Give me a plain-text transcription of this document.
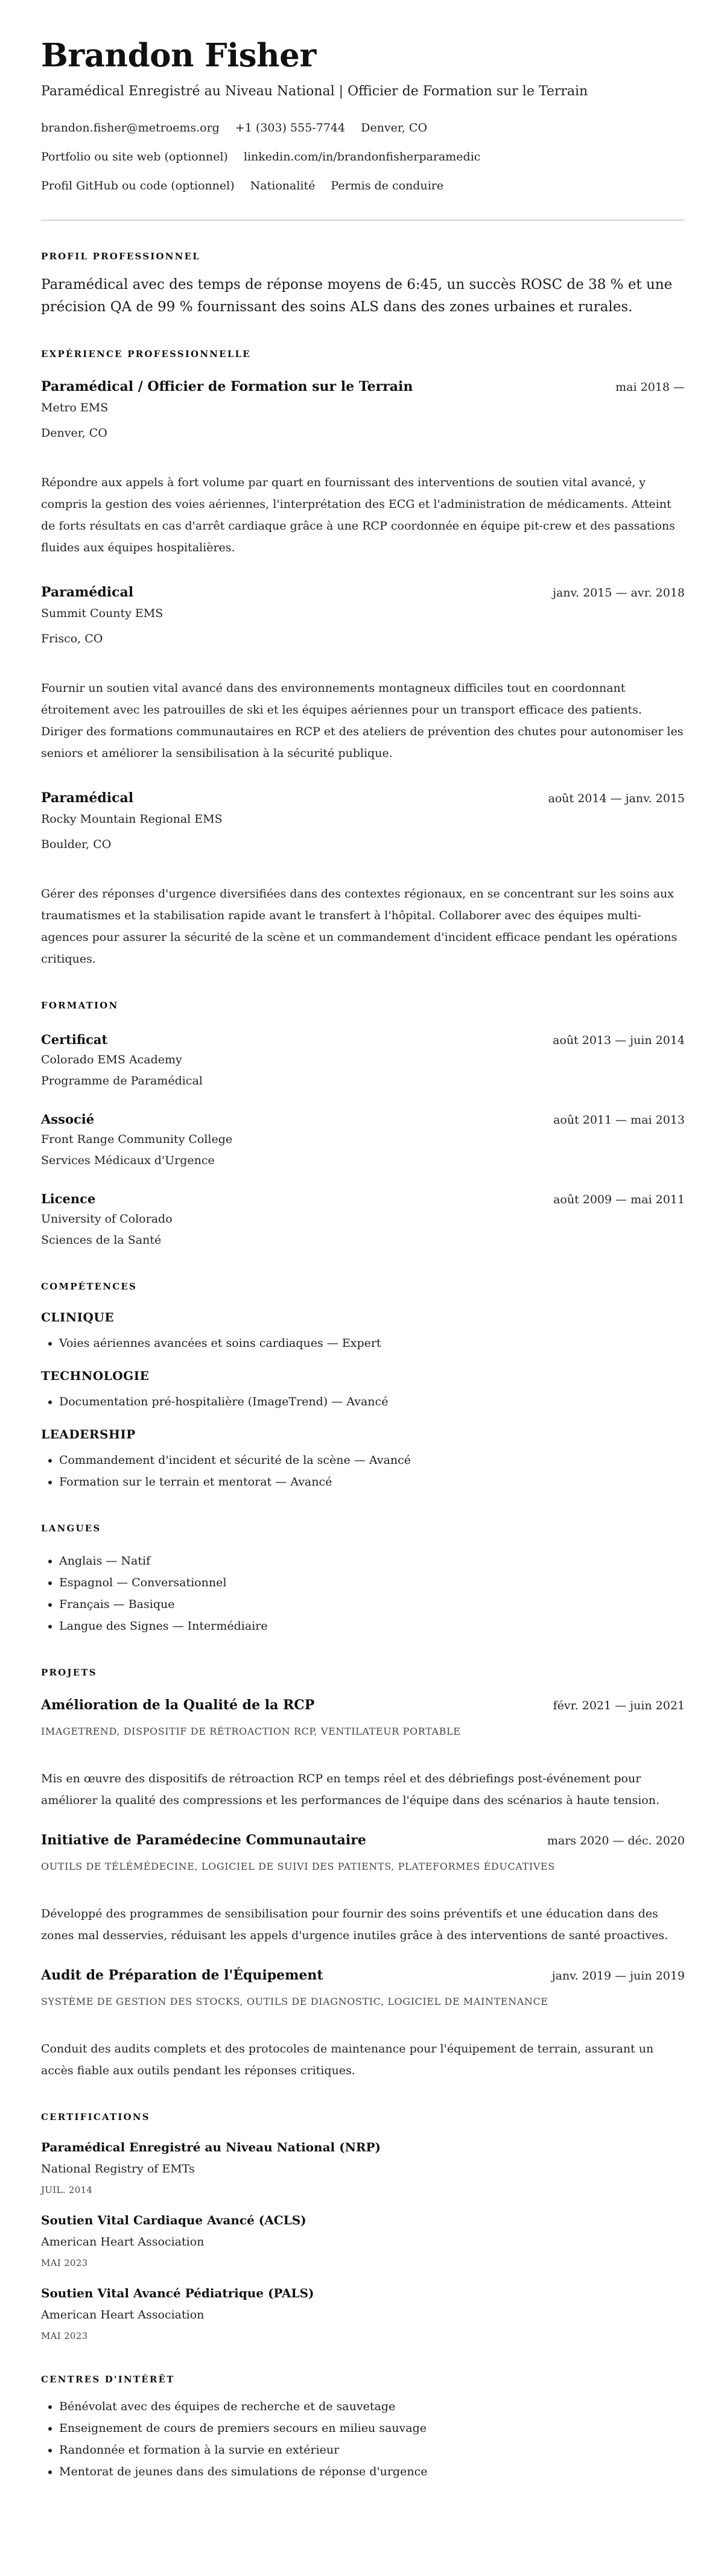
Brandon Fisher
Paramédical Enregistré au Niveau National | Officier de Formation sur le Terrain
brandon.fisher@metroems.org +1 (303) 555-7744 Denver, CO
Portfolio ou site web (optionnel) linkedin.com/in/brandonfisherparamedic
Profil GitHub ou code (optionnel) Nationalité Permis de conduire
PROFIL PROFESSIONNEL
Paramédical avec des temps de réponse moyens de 6:45, un succès ROSC de 38 % et une précision QA de 99 % fournissant des soins ALS dans des zones urbaines et rurales.
EXPÉRIENCE PROFESSIONNELLE
Paramédical / Officier de Formation sur le Terrain	mai 2018 —
Metro EMS
Denver, CO
Répondre aux appels à fort volume par quart en fournissant des interventions de soutien vital avancé, y compris la gestion des voies aériennes, l'interprétation des ECG et l'administration de médicaments. Atteint de forts résultats en cas d'arrêt cardiaque grâce à une RCP coordonnée en équipe pit-crew et des passations fluides aux équipes hospitalières.
Paramédical	janv. 2015 — avr. 2018
Summit County EMS
Frisco, CO
Fournir un soutien vital avancé dans des environnements montagneux difficiles tout en coordonnant étroitement avec les patrouilles de ski et les équipes aériennes pour un transport efficace des patients. Diriger des formations communautaires en RCP et des ateliers de prévention des chutes pour autonomiser les seniors et améliorer la sensibilisation à la sécurité publique.
Paramédical	août 2014 — janv. 2015
Rocky Mountain Regional EMS
Boulder, CO
Gérer des réponses d'urgence diversifiées dans des contextes régionaux, en se concentrant sur les soins aux traumatismes et la stabilisation rapide avant le transfert à l'hôpital. Collaborer avec des équipes multi-agences pour assurer la sécurité de la scène et un commandement d'incident efficace pendant les opérations critiques.
FORMATION
Certificat	août 2013 — juin 2014
Colorado EMS Academy
Programme de Paramédical
Associé	août 2011 — mai 2013
Front Range Community College
Services Médicaux d'Urgence
Licence	août 2009 — mai 2011
University of Colorado
Sciences de la Santé
COMPÉTENCES
CLINIQUE
• Voies aériennes avancées et soins cardiaques — Expert
TECHNOLOGIE
• Documentation pré-hospitalière (ImageTrend) — Avancé
LEADERSHIP
• Commandement d'incident et sécurité de la scène — Avancé
• Formation sur le terrain et mentorat — Avancé
LANGUES
• Anglais — Natif
• Espagnol — Conversationnel
• Français — Basique
• Langue des Signes — Intermédiaire
PROJETS
Amélioration de la Qualité de la RCP	févr. 2021 — juin 2021
IMAGETREND, DISPOSITIF DE RÉTROACTION RCP, VENTILATEUR PORTABLE
Mis en œuvre des dispositifs de rétroaction RCP en temps réel et des débriefings post-événement pour améliorer la qualité des compressions et les performances de l'équipe dans des scénarios à haute tension.
Initiative de Paramédecine Communautaire	mars 2020 — déc. 2020
OUTILS DE TÉLÉMÉDECINE, LOGICIEL DE SUIVI DES PATIENTS, PLATEFORMES ÉDUCATIVES
Développé des programmes de sensibilisation pour fournir des soins préventifs et une éducation dans des zones mal desservies, réduisant les appels d'urgence inutiles grâce à des interventions de santé proactives.
Audit de Préparation de l'Équipement	janv. 2019 — juin 2019
SYSTÈME DE GESTION DES STOCKS, OUTILS DE DIAGNOSTIC, LOGICIEL DE MAINTENANCE
Conduit des audits complets et des protocoles de maintenance pour l'équipement de terrain, assurant un accès fiable aux outils pendant les réponses critiques.
CERTIFICATIONS
Paramédical Enregistré au Niveau National (NRP)
National Registry of EMTs
JUIL. 2014
Soutien Vital Cardiaque Avancé (ACLS)
American Heart Association
MAI 2023
Soutien Vital Avancé Pédiatrique (PALS)
American Heart Association
MAI 2023
CENTRES D'INTÉRÊT
• Bénévolat avec des équipes de recherche et de sauvetage
• Enseignement de cours de premiers secours en milieu sauvage
• Randonnée et formation à la survie en extérieur
• Mentorat de jeunes dans des simulations de réponse d'urgence
